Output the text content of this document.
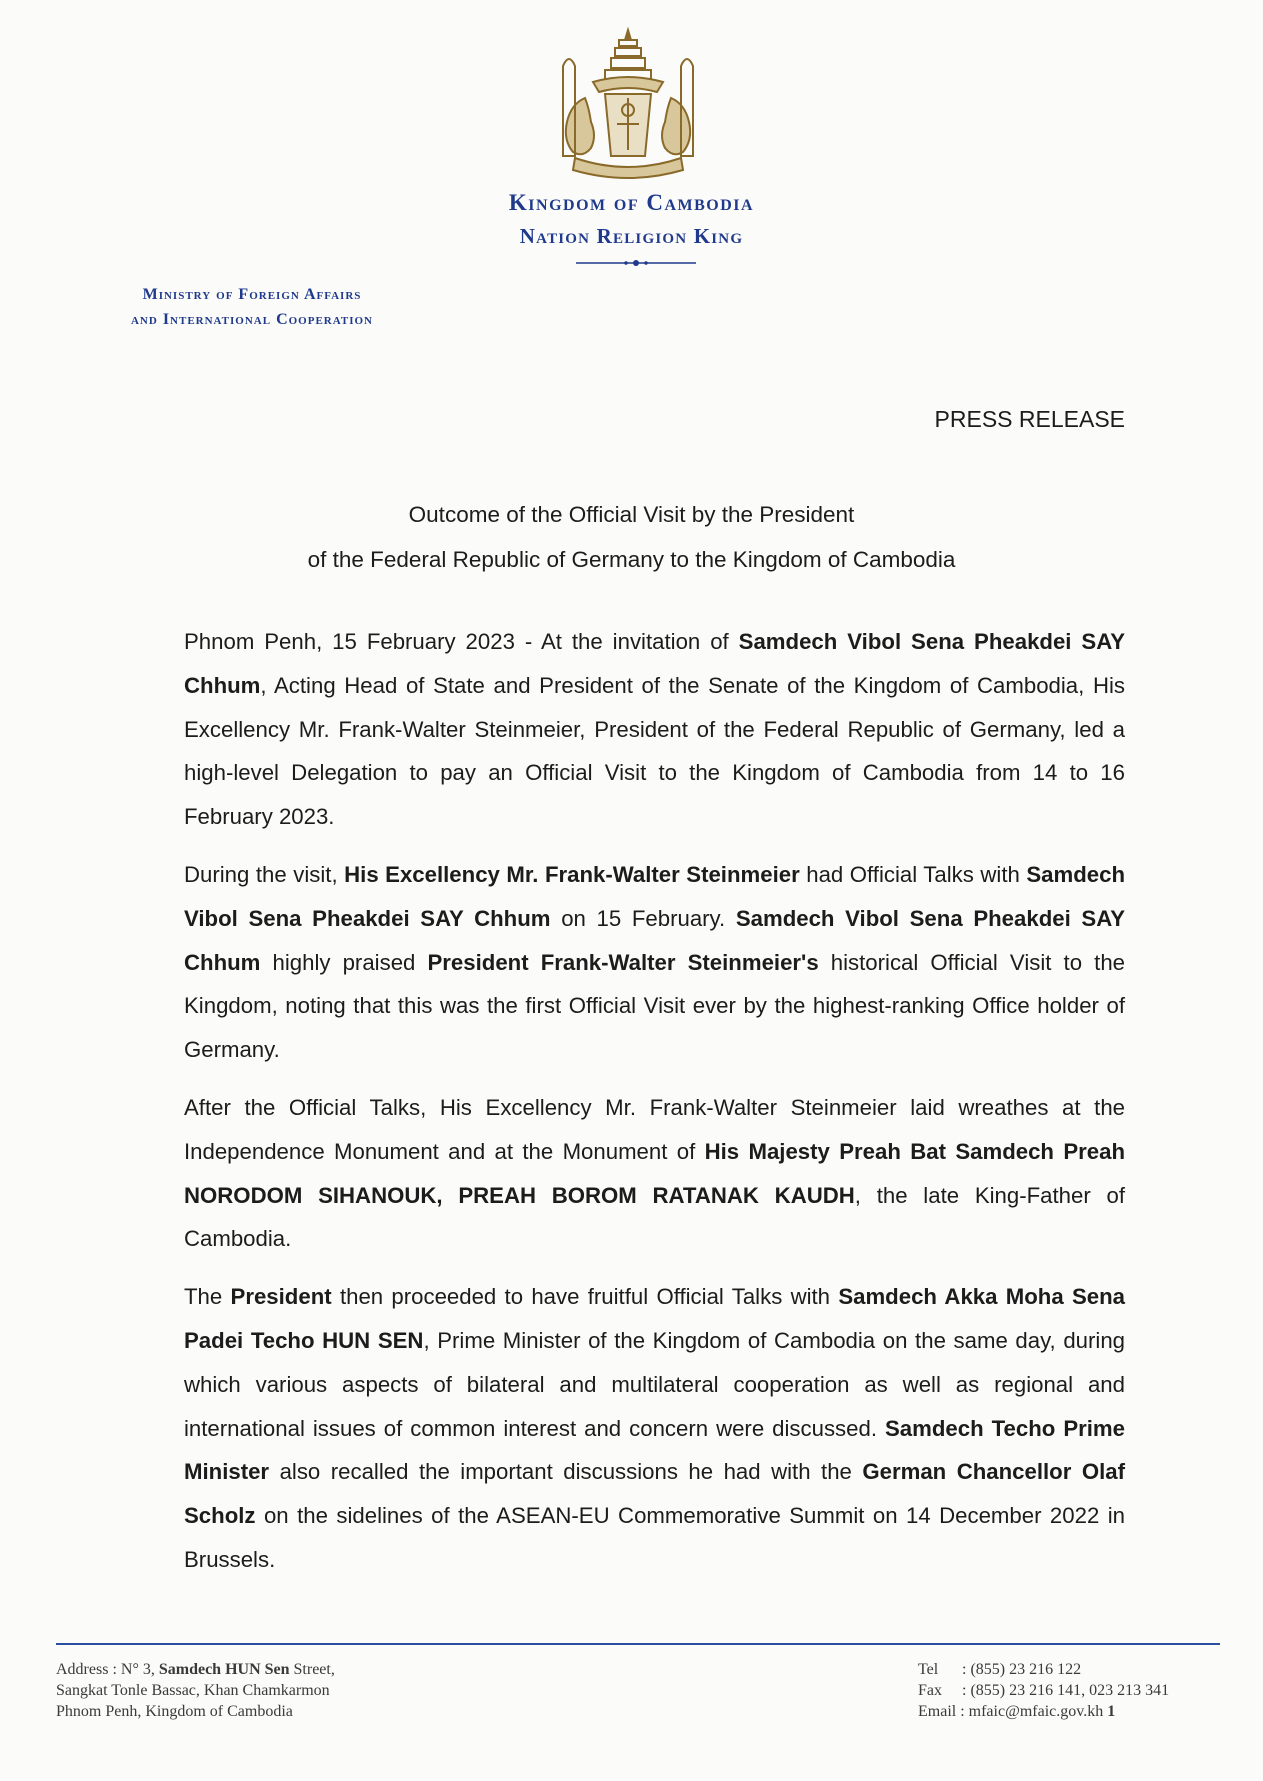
Kingdom of Cambodia
Nation Religion King
Ministry of Foreign Affairs
and International Cooperation
PRESS RELEASE
Outcome of the Official Visit by the President
of the Federal Republic of Germany to the Kingdom of Cambodia

Phnom Penh, 15 February 2023 - At the invitation of Samdech Vibol Sena Pheakdei SAY Chhum, Acting Head of State and President of the Senate of the Kingdom of Cambodia, His Excellency Mr. Frank-Walter Steinmeier, President of the Federal Republic of Germany, led a high-level Delegation to pay an Official Visit to the Kingdom of Cambodia from 14 to 16 February 2023.

During the visit, His Excellency Mr. Frank-Walter Steinmeier had Official Talks with Samdech Vibol Sena Pheakdei SAY Chhum on 15 February. Samdech Vibol Sena Pheakdei SAY Chhum highly praised President Frank-Walter Steinmeier's historical Official Visit to the Kingdom, noting that this was the first Official Visit ever by the highest-ranking Office holder of Germany.

After the Official Talks, His Excellency Mr. Frank-Walter Steinmeier laid wreathes at the Independence Monument and at the Monument of His Majesty Preah Bat Samdech Preah NORODOM SIHANOUK, PREAH BOROM RATANAK KAUDH, the late King-Father of Cambodia.

The President then proceeded to have fruitful Official Talks with Samdech Akka Moha Sena Padei Techo HUN SEN, Prime Minister of the Kingdom of Cambodia on the same day, during which various aspects of bilateral and multilateral cooperation as well as regional and international issues of common interest and concern were discussed. Samdech Techo Prime Minister also recalled the important discussions he had with the German Chancellor Olaf Scholz on the sidelines of the ASEAN-EU Commemorative Summit on 14 December 2022 in Brussels.

Address : N° 3, Samdech HUN Sen Street,
Sangkat Tonle Bassac, Khan Chamkarmon
Phnom Penh, Kingdom of Cambodia
Tel : (855) 23 216 122
Fax : (855) 23 216 141, 023 213 341
Email : mfaic@mfaic.gov.kh 1
